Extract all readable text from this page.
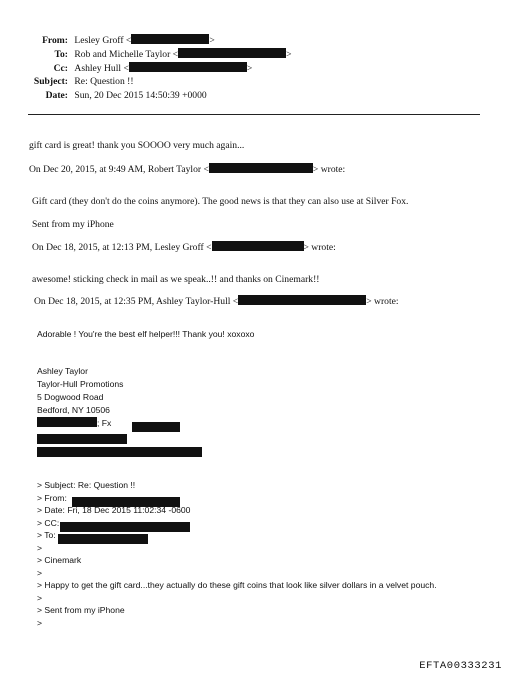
From: Lesley Groff <	>
To: Rob and Michelle Taylor <	>
Cc: Ashley Hull <	>
Subject: Re: Question !!
Date: Sun, 20 Dec 2015 14:50:39 +0000
gift card is great! thank you SOOOO very much again...
On Dec 20, 2015, at 9:49 AM, Robert Taylor <	> wrote:
Gift card (they don't do the coins anymore). The good news is that they can also use at Silver Fox.
Sent from my iPhone
On Dec 18, 2015, at 12:13 PM, Lesley Groff <	> wrote:
awesome! sticking check in mail as we speak..!! and thanks on Cinemark!!
On Dec 18, 2015, at 12:35 PM, Ashley Taylor-Hull <	> wrote:
Adorable ! You're the best elf helper!!! Thank you! xoxoxo
Ashley Taylor
Taylor-Hull Promotions
5 Dogwood Road
Bedford, NY 10506
; Fx
> Subject: Re: Question !!
> From:
> Date: Fri, 18 Dec 2015 11:02:34 -0600
> CC:
> To:
>
> Cinemark
>
> Happy to get the gift card...they actually do these gift coins that look like silver dollars in a velvet pouch.
>
> Sent from my iPhone
>
EFTA00333231
